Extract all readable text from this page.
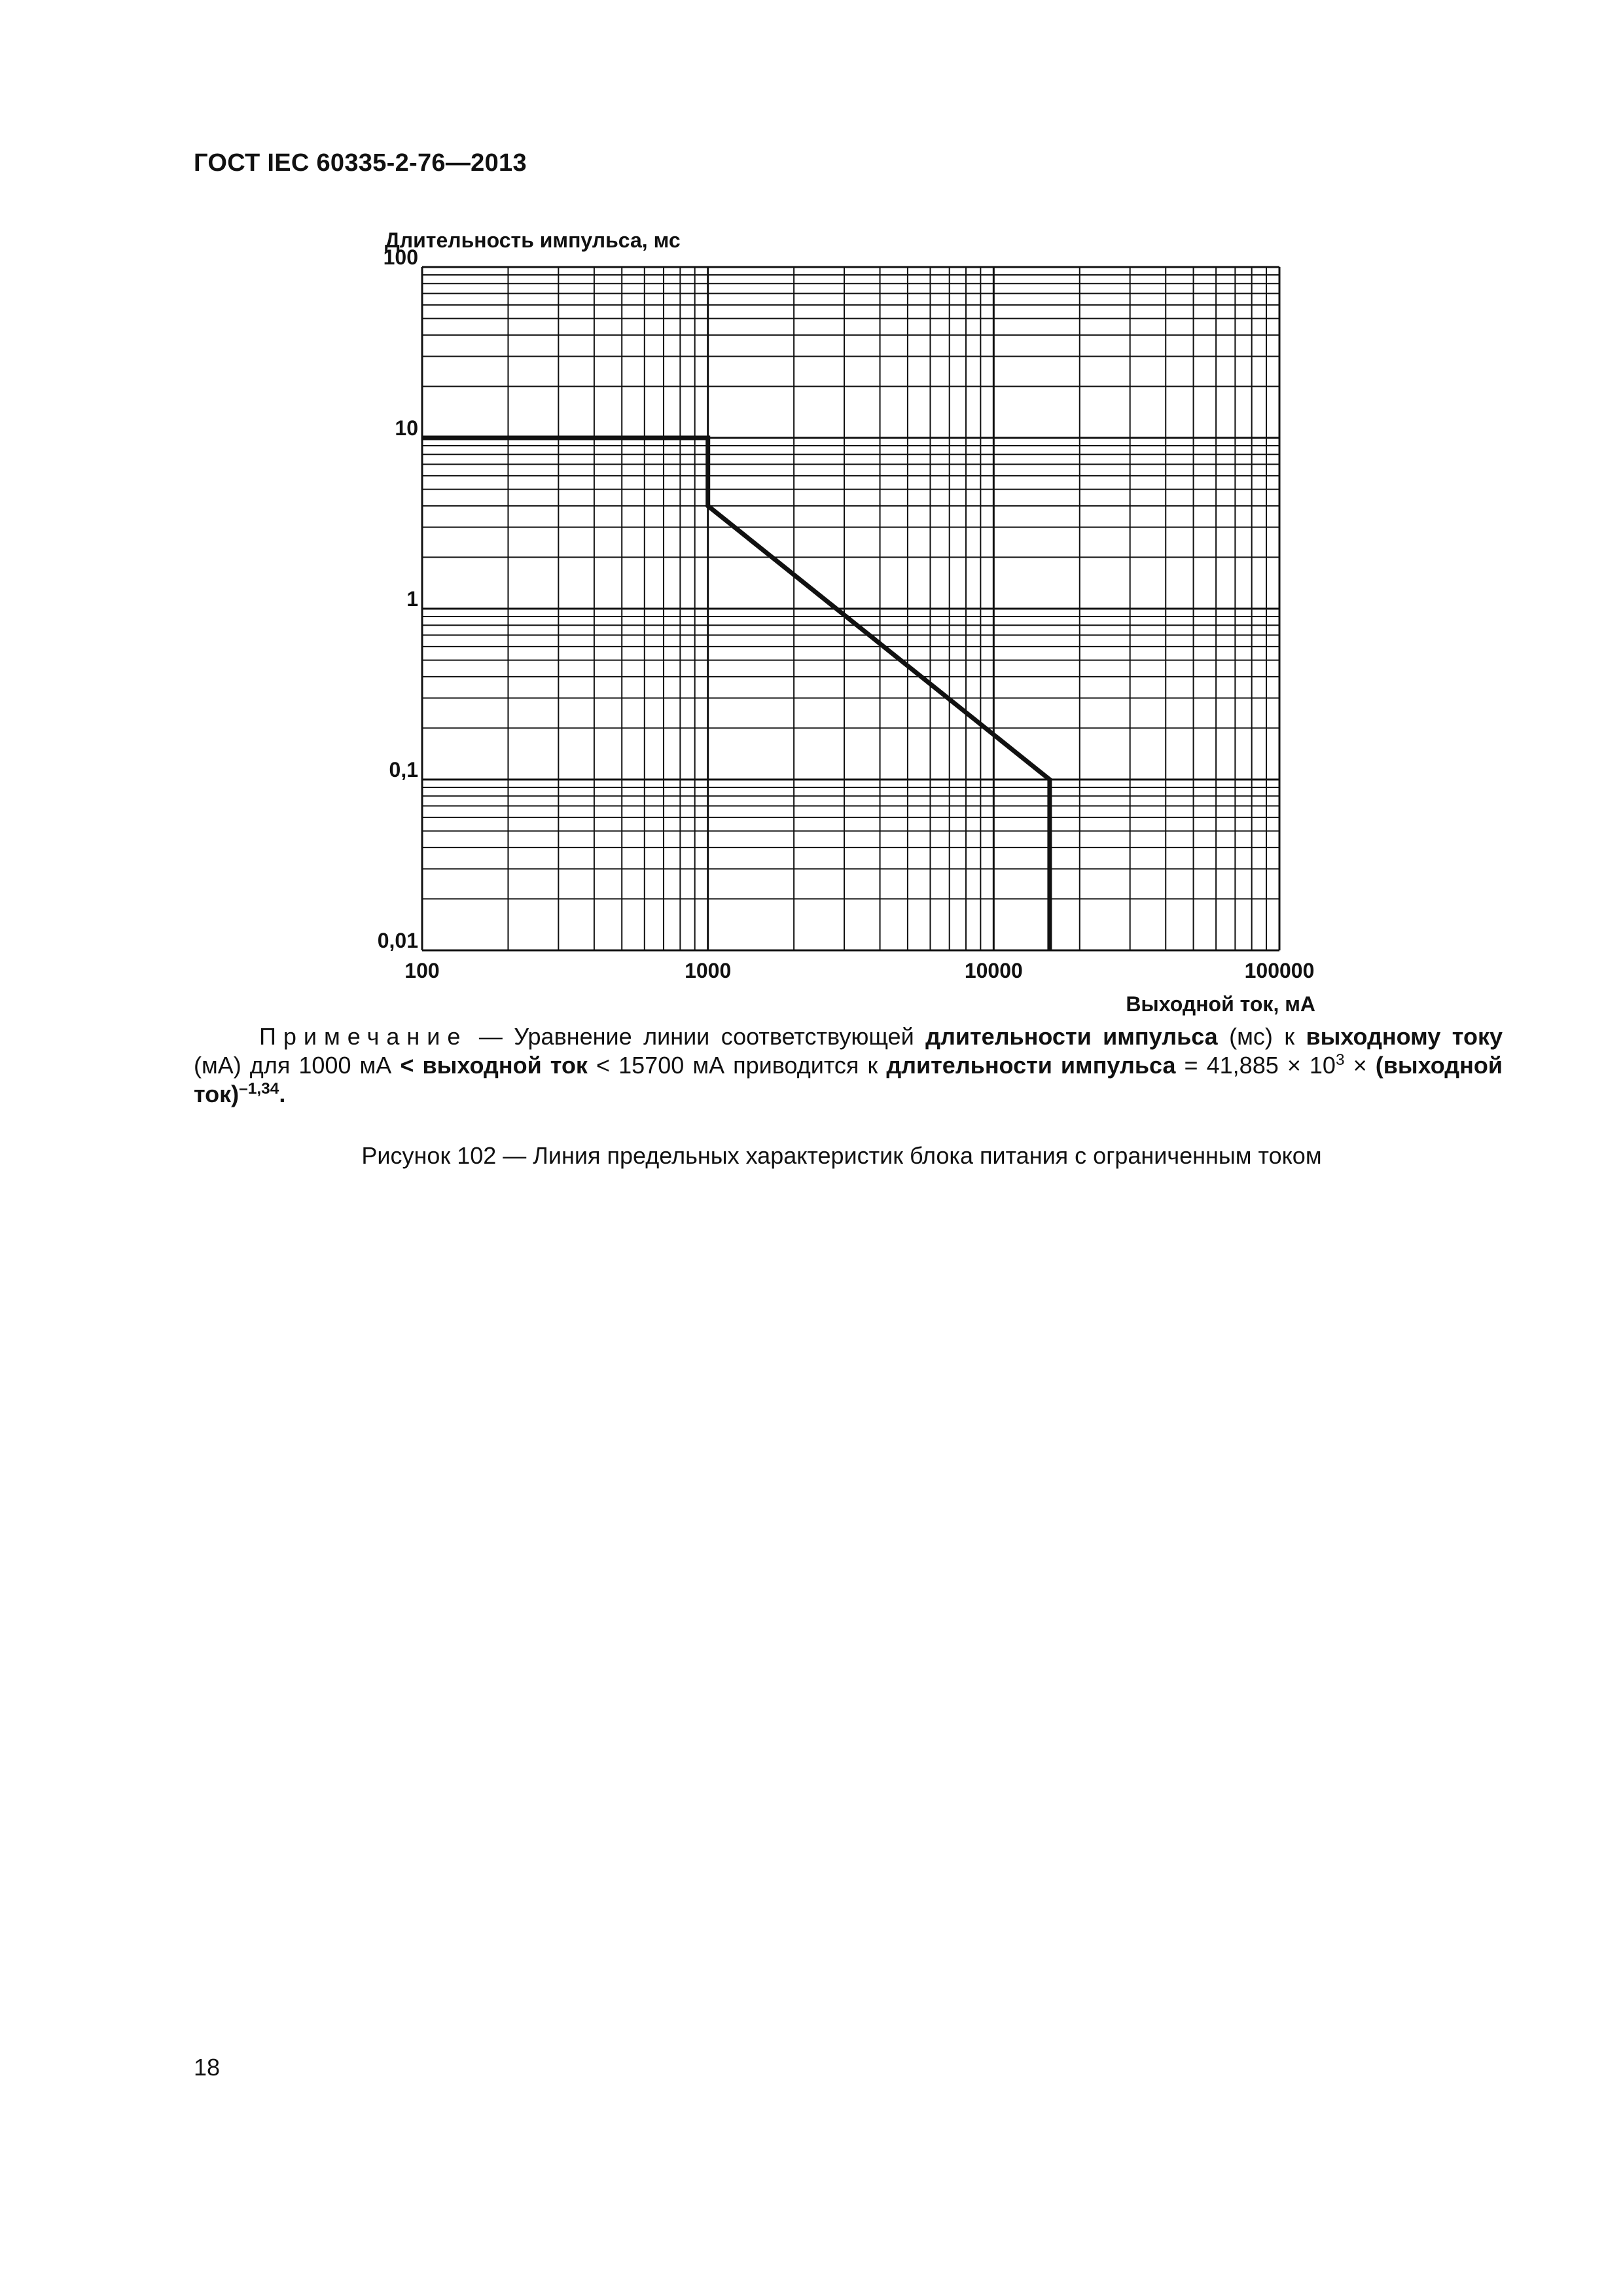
ГОСТ IEC 60335-2-76—2013
100	1000	10000	100000
0,01
0,1
1
10
100
Длительность импульса, мс
Выходной ток, мА
Примечание — Уравнение линии соответствующей длительности импульса (мс) к выходному току (мА) для 1000 мА < выходной ток < 15700 мА приводится к длительности импульса = $41,885 \times 10^3$ × (выходной ток)$^{-1,34}$.
Рисунок 102 — Линия предельных характеристик блока питания с ограниченным током
18
